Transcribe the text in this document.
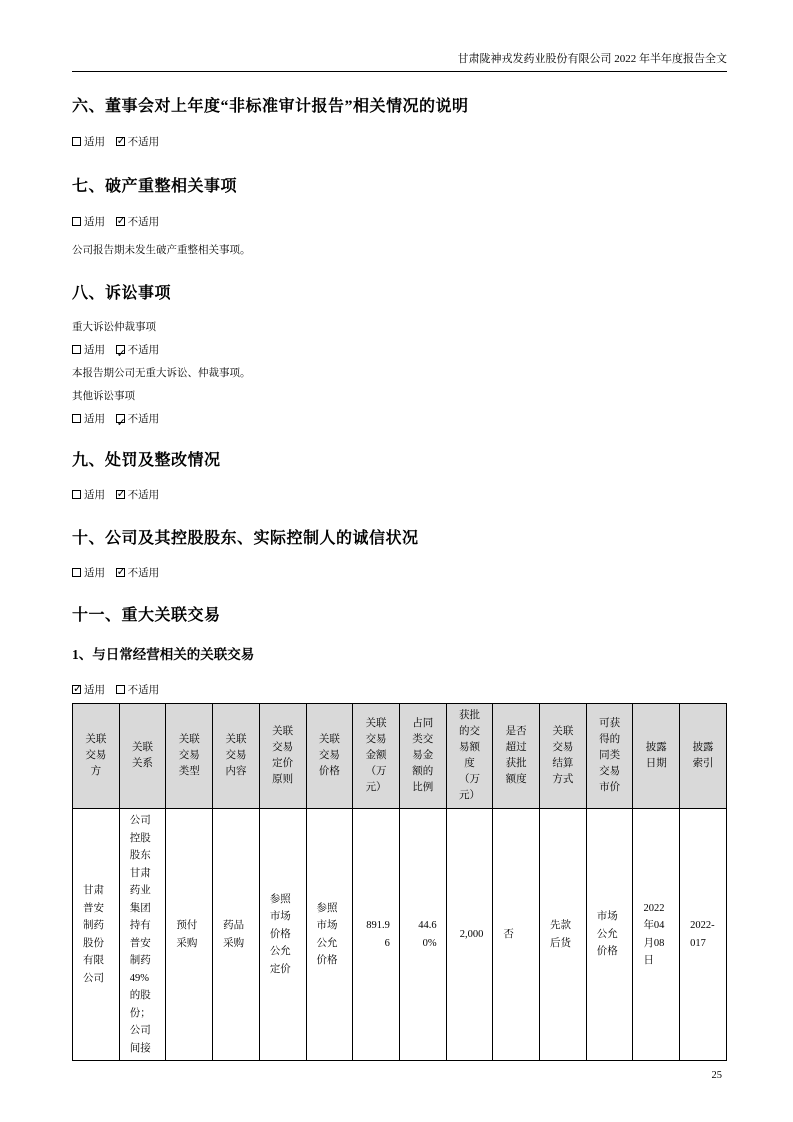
甘肃陇神戎发药业股份有限公司 2022 年半年度报告全文
六、董事会对上年度“非标准审计报告”相关情况的说明

适用 ✓ 不适用

七、破产重整相关事项

适用 ✓ 不适用

公司报告期未发生破产重整相关事项。

八、诉讼事项

重大诉讼仲裁事项

适用 ✓ 不适用

本报告期公司无重大诉讼、仲裁事项。

其他诉讼事项

适用 ✓ 不适用

九、处罚及整改情况

适用 ✓ 不适用

十、公司及其控股股东、实际控制人的诚信状况

适用 ✓ 不适用

十一、重大关联交易
1、与日常经营相关的关联交易

✓适用 不适用

关联交易方	关联关系	关联交易类型	关联交易内容	关联交易定价原则	关联交易价格	关联交易金额（万元）	占同类交易金额的比例	获批的交易额度（万元）	是否超过获批额度	关联交易结算方式	可获得的同类交易市价	披露日期	披露索引
甘肃普安制药股份有限公司	公司控股股东甘肃药业集团持有普安制药49%的股份；公司间接	预付采购	药品采购	参照市场价格公允定价	参照市场公允价格	891.96	44.60%	2,000	否	先款后货	市场公允价格	2022年04月08日	2022-017
25
